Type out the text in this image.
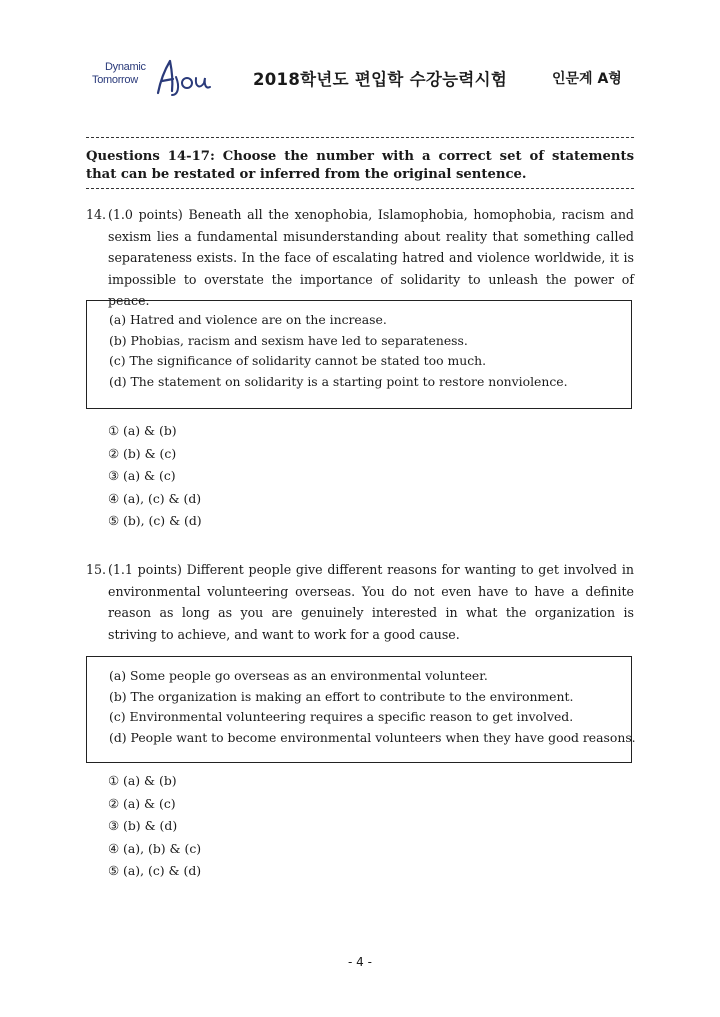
Dynamic
Tomorrow	2018학년도 편입학 수강능력시험	인문계 A형
Questions 14-17: Choose the number with a correct set of statements that can be restated or inferred from the original sentence.
14. (1.0 points) Beneath all the xenophobia, Islamophobia, homophobia, racism and sexism lies a fundamental misunderstanding about reality that something called separateness exists. In the face of escalating hatred and violence worldwide, it is impossible to overstate the importance of solidarity to unleash the power of peace.
(a) Hatred and violence are on the increase.
(b) Phobias, racism and sexism have led to separateness.
(c) The significance of solidarity cannot be stated too much.
(d) The statement on solidarity is a starting point to restore nonviolence.
① (a) & (b)
② (b) & (c)
③ (a) & (c)
④ (a), (c) & (d)
⑤ (b), (c) & (d)
15. (1.1 points) Different people give different reasons for wanting to get involved in environmental volunteering overseas. You do not even have to have a definite reason as long as you are genuinely interested in what the organization is striving to achieve, and want to work for a good cause.
(a) Some people go overseas as an environmental volunteer.
(b) The organization is making an effort to contribute to the environment.
(c) Environmental volunteering requires a specific reason to get involved.
(d) People want to become environmental volunteers when they have good reasons.
① (a) & (b)
② (a) & (c)
③ (b) & (d)
④ (a), (b) & (c)
⑤ (a), (c) & (d)
- 4 -
